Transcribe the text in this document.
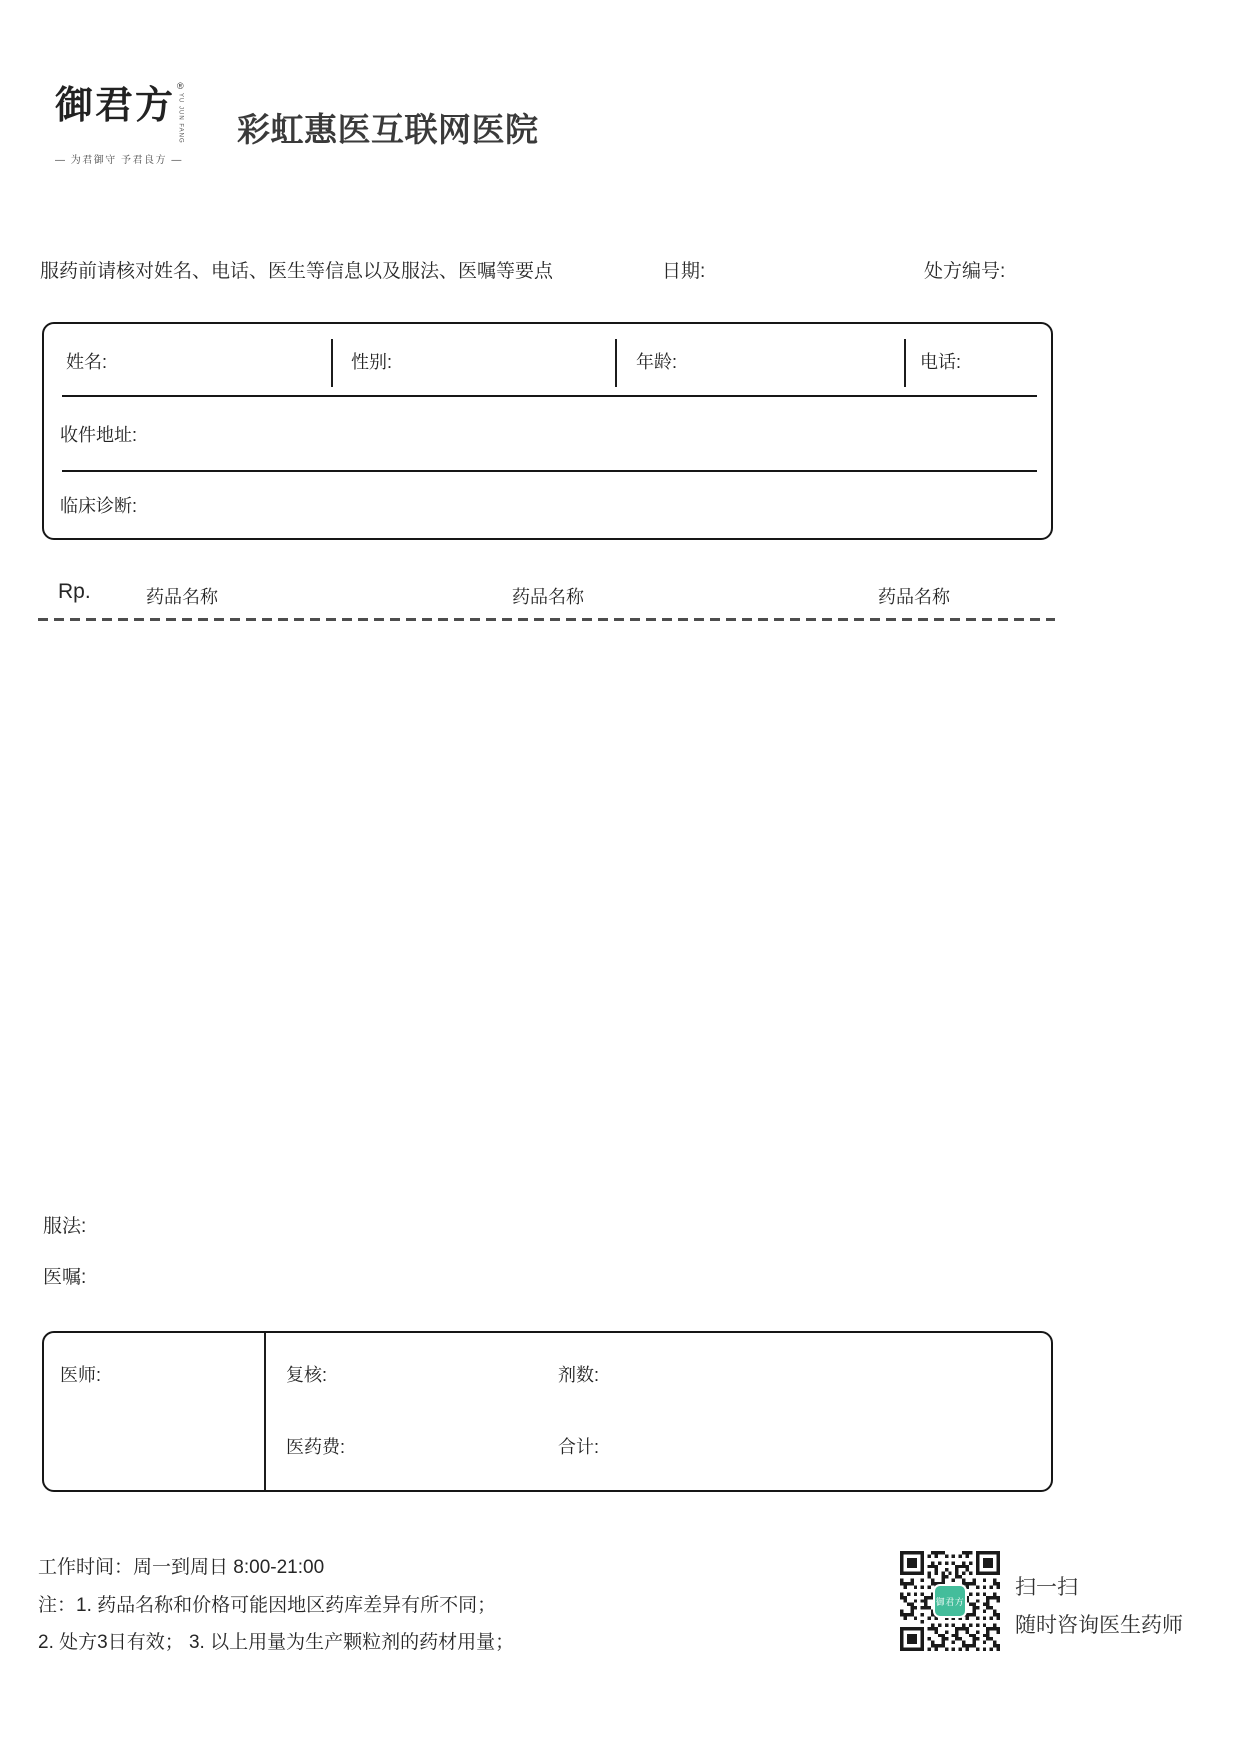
御君方 ®
YU JUN FANG
— 为君御守 予君良方 —
彩虹惠医互联网医院
服药前请核对姓名、电话、医生等信息以及服法、医嘱等要点	日期:	处方编号:
姓名:	性别:	年龄:	电话:
收件地址:
临床诊断:
Rp.	药品名称	药品名称	药品名称
服法:
医嘱:
医师:	复核:	剂数:
医药费:	合计:
工作时间：周一到周日 8:00-21:00
注：1. 药品名称和价格可能因地区药库差异有所不同；
2. 处方3日有效； 3. 以上用量为生产颗粒剂的药材用量；
御君方
扫一扫
随时咨询医生药师
